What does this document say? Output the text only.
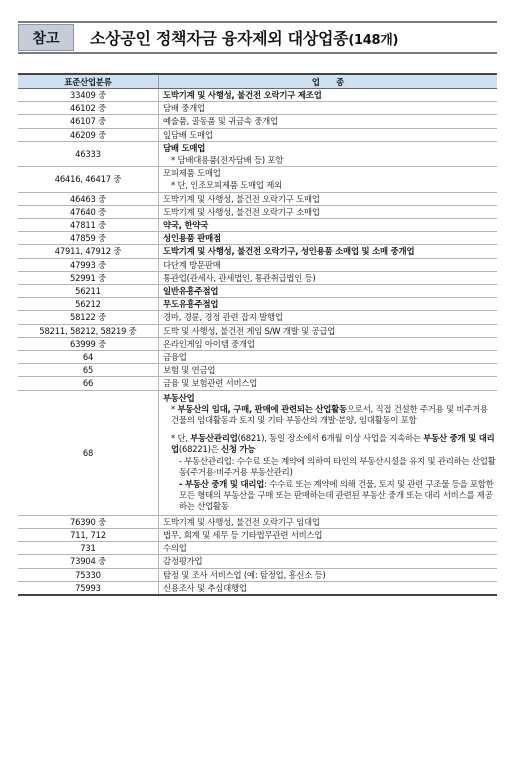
참고	소상공인 정책자금 융자제외 대상업종(148개)
표준산업분류	업　　종
33409 중	도박기계 및 사행성, 불건전 오락기구 제조업

46102 중	담배 중개업

46107 중	예술품, 골동품 및 귀금속 중개업

46209 중	잎담배 도매업

46333	담배 도매업
* 담배대용품(전자담배 등) 포함

46416, 46417 중	모피제품 도매업
* 단, 인조모피제품 도매업 제외

46463 중	도박기계 및 사행성, 불건전 오락기구 도매업

47640 중	도박기계 및 사행성, 불건전 오락기구 소매업

47811 중	약국, 한약국

47859 중	성인용품 판매점

47911, 47912 중	도박기계 및 사행성, 불건전 오락기구, 성인용품 소매업 및 소매 중개업

47993 중	다단계 방문판매

52991 중	통관업(관세사, 관세법인, 통관취급법인 등)

56211	일반유흥주점업

56212	무도유흥주점업

58122 중	경마, 경륜, 경정 관련 잡지 발행업

58211, 58212, 58219 중	도박 및 사행성, 불건전 게임 S/W 개발 및 공급업

63999 중	온라인게임 아이템 중개업

64	금융업

65	보험 및 연금업

66	금융 및 보험관련 서비스업

68	부동산업
* 부동산의 임대, 구매, 판매에 관련되는 산업활동으로서, 직접 건설한 주거용 및 비주거용 건물의 임대활동과 토지 및 기타 부동산의 개발·분양, 임대활동이 포함
* 단, 부동산관리업(6821), 동일 장소에서 6개월 이상 사업을 지속하는 부동산 중개 및 대리업(68221)은 신청 가능
- 부동산관리업: 수수료 또는 계약에 의하여 타인의 부동산시설을 유지 및 관리하는 산업활동(주거용·비주거용 부동산관리)
- 부동산 중개 및 대리업: 수수료 또는 계약에 의해 건물, 토지 및 관련 구조물 등을 포함한 모든 형태의 부동산을 구매 또는 판매하는데 관련된 부동산 중개 또는 대리 서비스를 제공하는 산업활동

76390 중	도박기계 및 사행성, 불건전 오락기구 임대업

711, 712	법무, 회계 및 세무 등 기타법무관련 서비스업

731	수의업

73904 중	감정평가업

75330	탐정 및 조사 서비스업 (예: 탐정업, 흥신소 등)

75993	신용조사 및 추심대행업
